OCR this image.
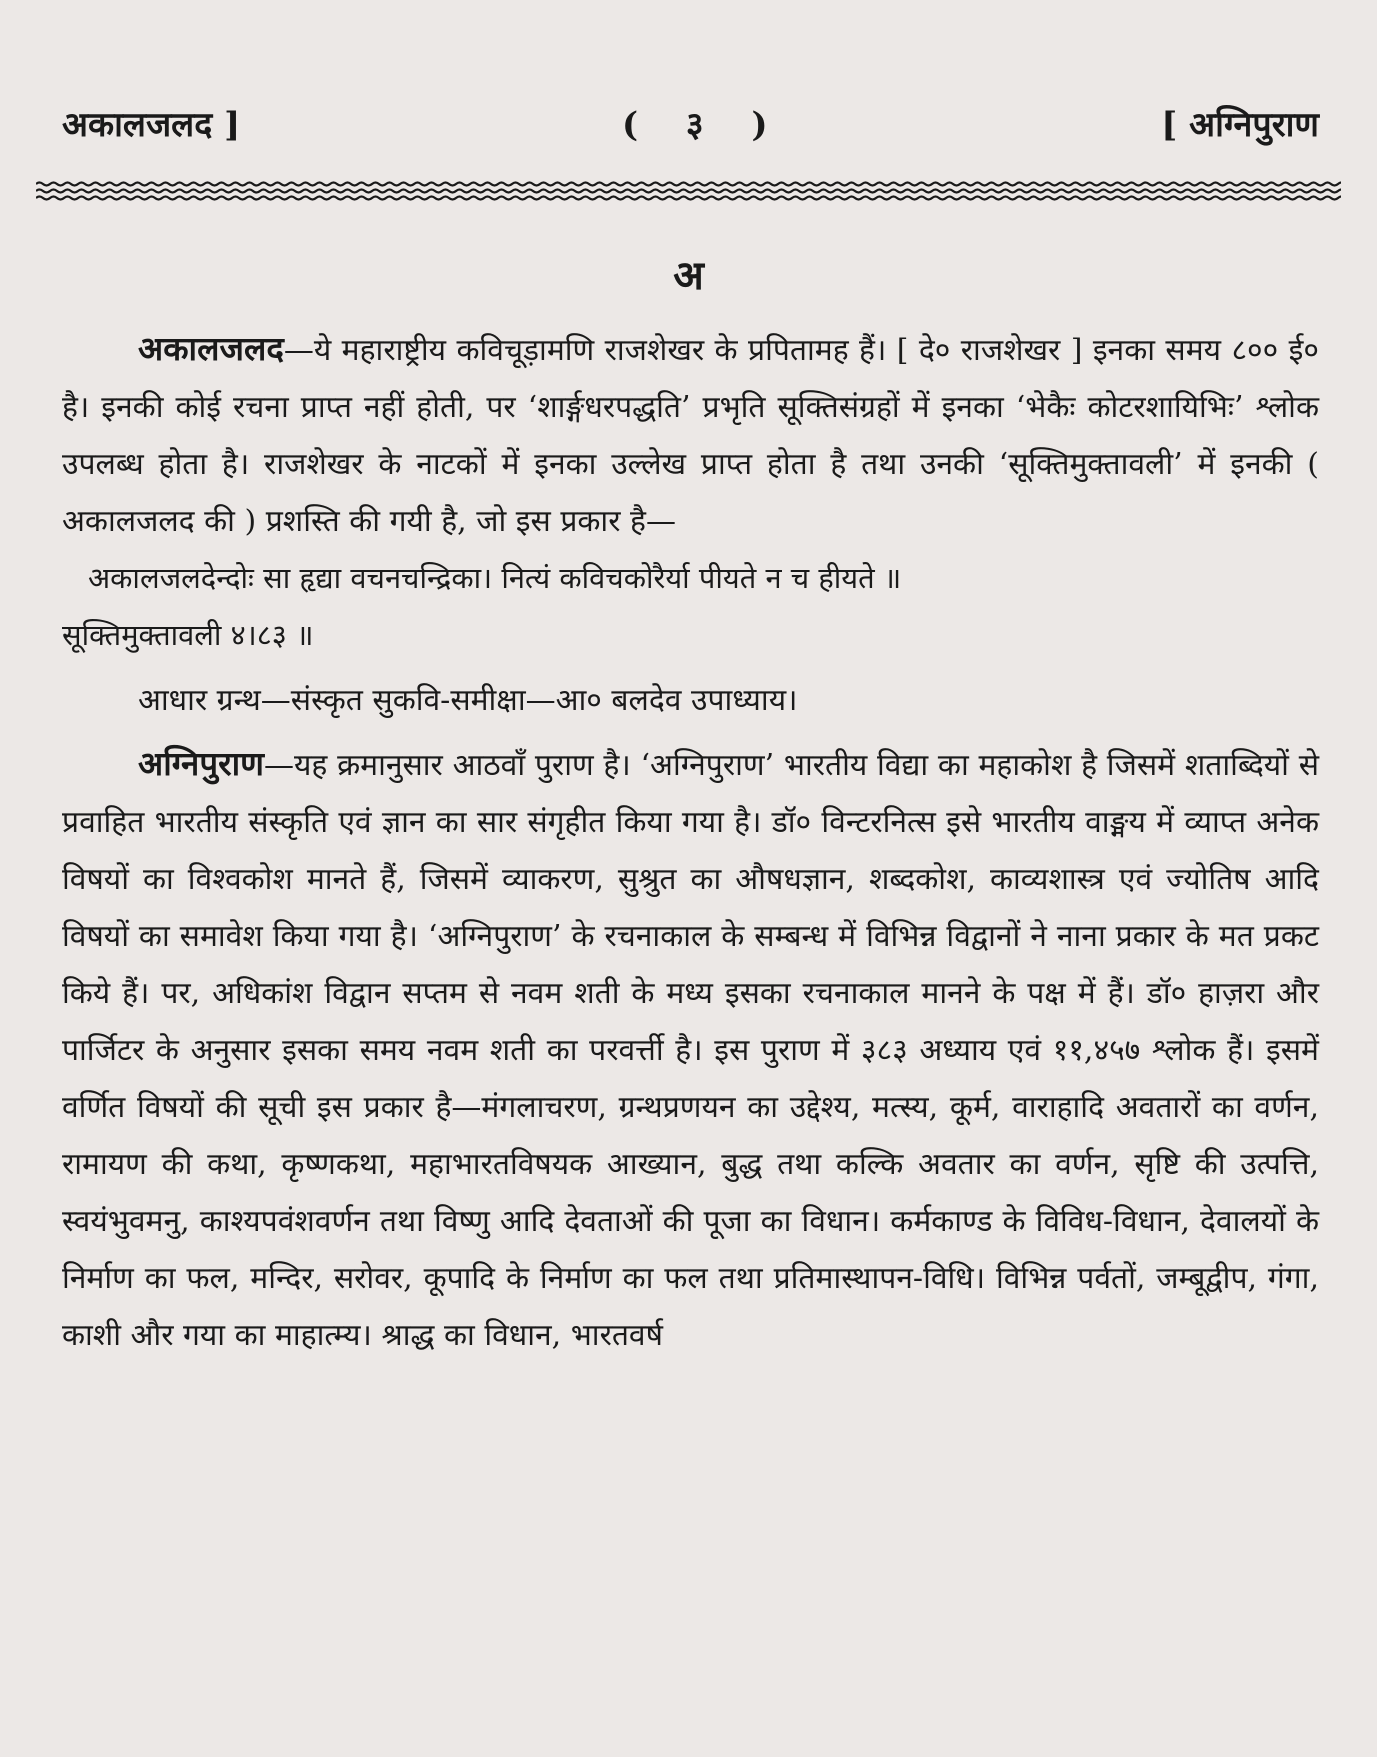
अकालजलद ]	( ३ )	[ अग्निपुराण
अ

अकालजलद—ये महाराष्ट्रीय कविचूड़ामणि राजशेखर के प्रपितामह हैं। [ दे० राजशेखर ] इनका समय ८०० ई० है। इनकी कोई रचना प्राप्त नहीं होती, पर ‘शार्ङ्गधरपद्धति’ प्रभृति सूक्तिसंग्रहों में इनका ‘भेकैः कोटरशायिभिः’ श्लोक उपलब्ध होता है। राजशेखर के नाटकों में इनका उल्लेख प्राप्त होता है तथा उनकी ‘सूक्तिमुक्तावली’ में इनकी ( अकालजलद की ) प्रशस्ति की गयी है, जो इस प्रकार है—

अकालजलदेन्दोः सा हृद्या वचनचन्द्रिका। नित्यं कविचकोरैर्या पीयते न च हीयते ॥

सूक्तिमुक्तावली ४।८३ ॥

आधार ग्रन्थ—संस्कृत सुकवि-समीक्षा—आ० बलदेव उपाध्याय।

अग्निपुराण—यह क्रमानुसार आठवाँ पुराण है। ‘अग्निपुराण’ भारतीय विद्या का महाकोश है जिसमें शताब्दियों से प्रवाहित भारतीय संस्कृति एवं ज्ञान का सार संगृहीत किया गया है। डॉ० विन्टरनित्स इसे भारतीय वाङ्मय में व्याप्त अनेक विषयों का विश्वकोश मानते हैं, जिसमें व्याकरण, सुश्रुत का औषधज्ञान, शब्दकोश, काव्यशास्त्र एवं ज्योतिष आदि विषयों का समावेश किया गया है। ‘अग्निपुराण’ के रचनाकाल के सम्बन्ध में विभिन्न विद्वानों ने नाना प्रकार के मत प्रकट किये हैं। पर, अधिकांश विद्वान सप्तम से नवम शती के मध्य इसका रचनाकाल मानने के पक्ष में हैं। डॉ० हाज़रा और पार्जिटर के अनुसार इसका समय नवम शती का परवर्त्ती है। इस पुराण में ३८३ अध्याय एवं ११,४५७ श्लोक हैं। इसमें वर्णित विषयों की सूची इस प्रकार है—मंगलाचरण, ग्रन्थप्रणयन का उद्देश्य, मत्स्य, कूर्म, वाराहादि अवतारों का वर्णन, रामायण की कथा, कृष्णकथा, महाभारतविषयक आख्यान, बुद्ध तथा कल्कि अवतार का वर्णन, सृष्टि की उत्पत्ति, स्वयंभुवमनु, काश्यपवंशवर्णन तथा विष्णु आदि देवताओं की पूजा का विधान। कर्मकाण्ड के विविध-विधान, देवालयों के निर्माण का फल, मन्दिर, सरोवर, कूपादि के निर्माण का फल तथा प्रतिमास्थापन-विधि। विभिन्न पर्वतों, जम्बूद्वीप, गंगा, काशी और गया का माहात्म्य। श्राद्ध का विधान, भारतवर्ष
